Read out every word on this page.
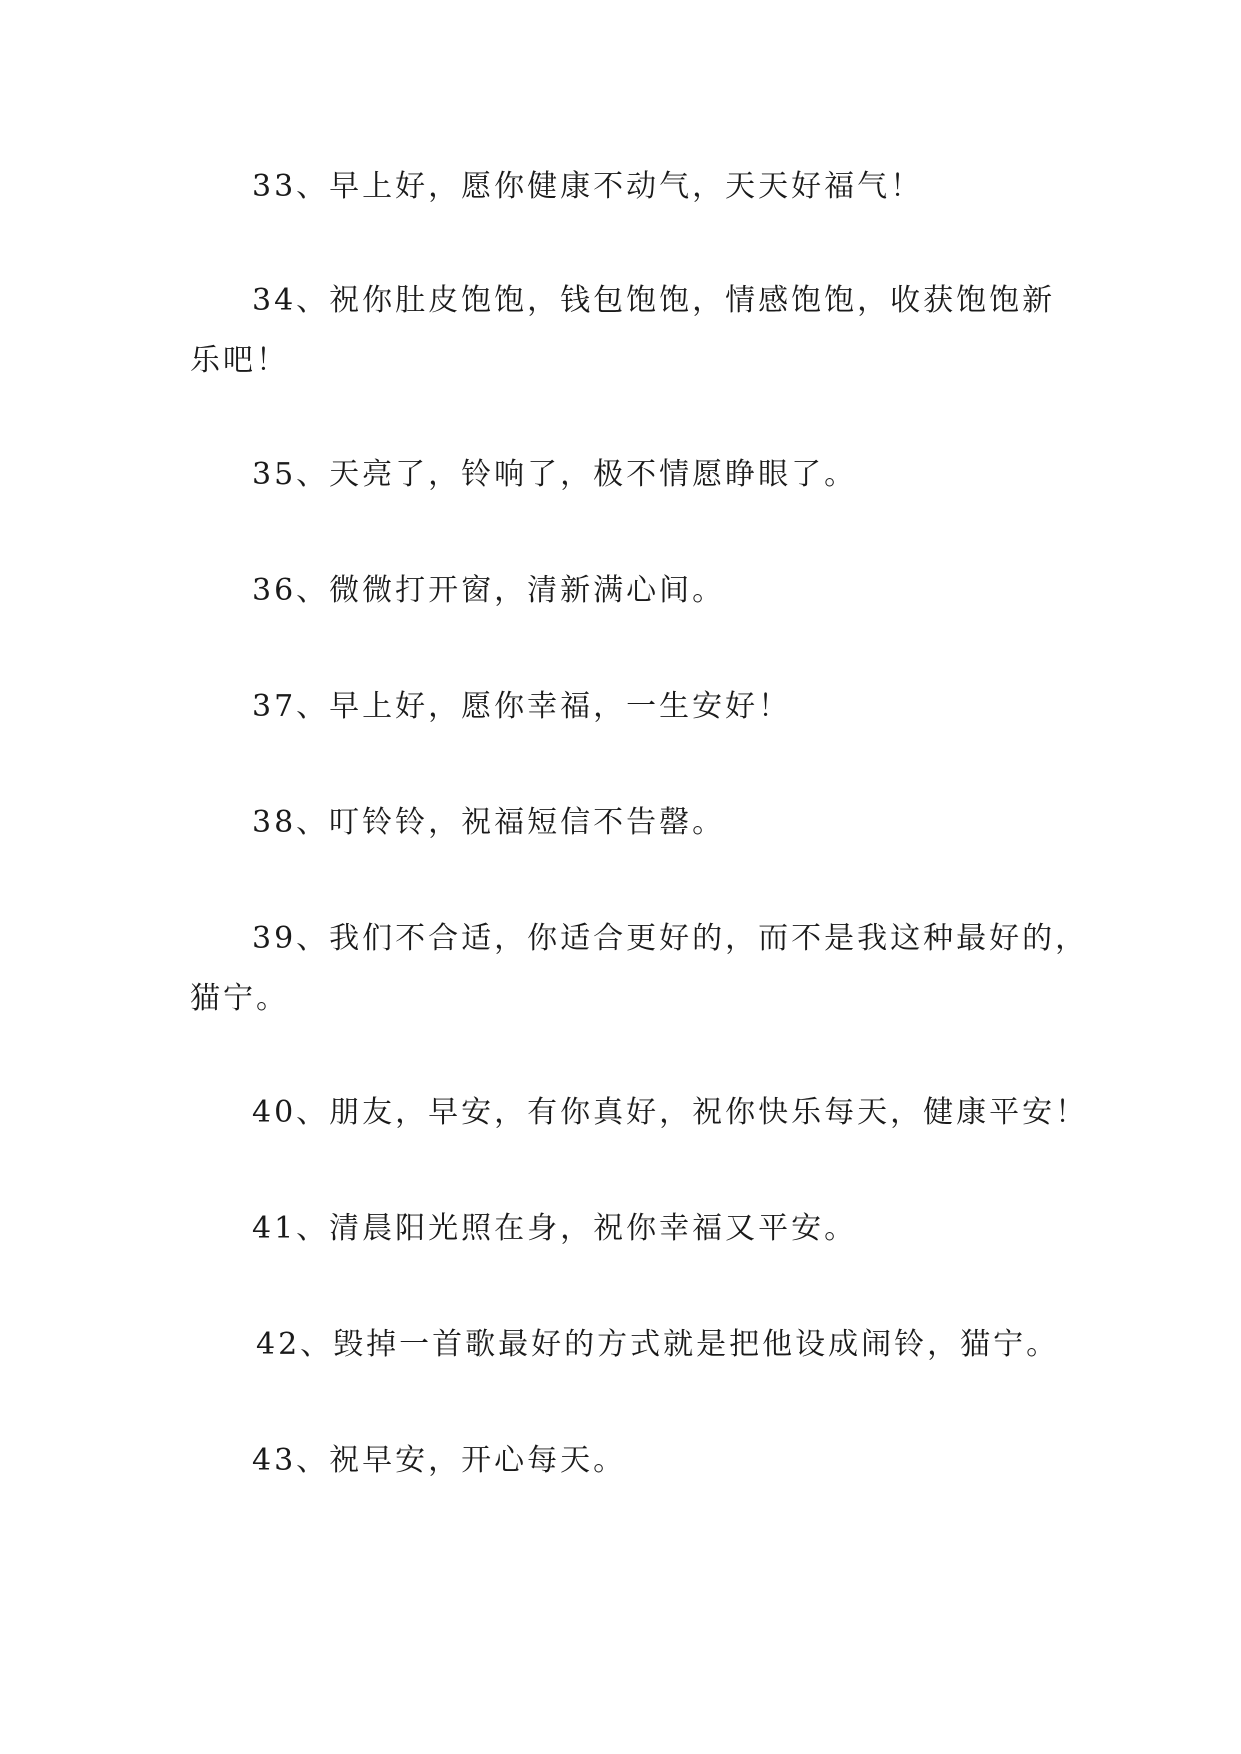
33、早上好，愿你健康不动气，天天好福气！

34、祝你肚皮饱饱，钱包饱饱，情感饱饱，收获饱饱新

乐吧！

35、天亮了，铃响了，极不情愿睁眼了。

36、微微打开窗，清新满心间。

37、早上好，愿你幸福，一生安好！

38、叮铃铃，祝福短信不告罄。

39、我们不合适，你适合更好的，而不是我这种最好的，

猫宁。

40、朋友，早安，有你真好，祝你快乐每天，健康平安！

41、清晨阳光照在身，祝你幸福又平安。

42、毁掉一首歌最好的方式就是把他设成闹铃，猫宁。

43、祝早安，开心每天。
